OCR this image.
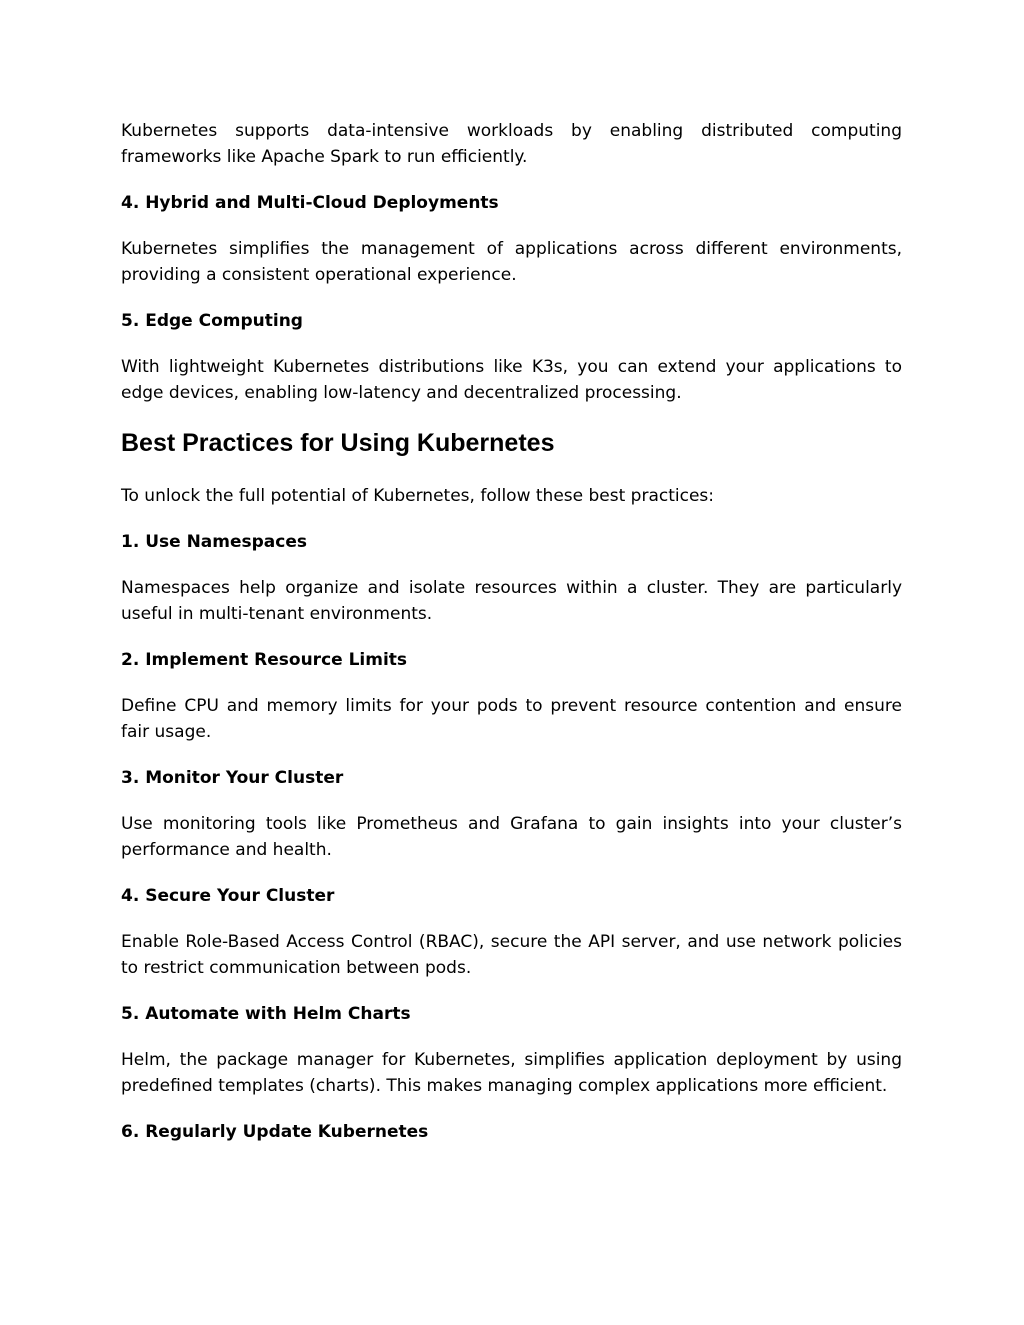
Kubernetes supports data-intensive workloads by enabling distributed computing frameworks like Apache Spark to run efficiently.

4. Hybrid and Multi-Cloud Deployments

Kubernetes simplifies the management of applications across different environments, providing a consistent operational experience.

5. Edge Computing

With lightweight Kubernetes distributions like K3s, you can extend your applications to edge devices, enabling low-latency and decentralized processing.

Best Practices for Using Kubernetes

To unlock the full potential of Kubernetes, follow these best practices:

1. Use Namespaces

Namespaces help organize and isolate resources within a cluster. They are particularly useful in multi-tenant environments.

2. Implement Resource Limits

Define CPU and memory limits for your pods to prevent resource contention and ensure fair usage.

3. Monitor Your Cluster

Use monitoring tools like Prometheus and Grafana to gain insights into your cluster’s performance and health.

4. Secure Your Cluster

Enable Role-Based Access Control (RBAC), secure the API server, and use network policies to restrict communication between pods.

5. Automate with Helm Charts

Helm, the package manager for Kubernetes, simplifies application deployment by using predefined templates (charts). This makes managing complex applications more efficient.

6. Regularly Update Kubernetes
